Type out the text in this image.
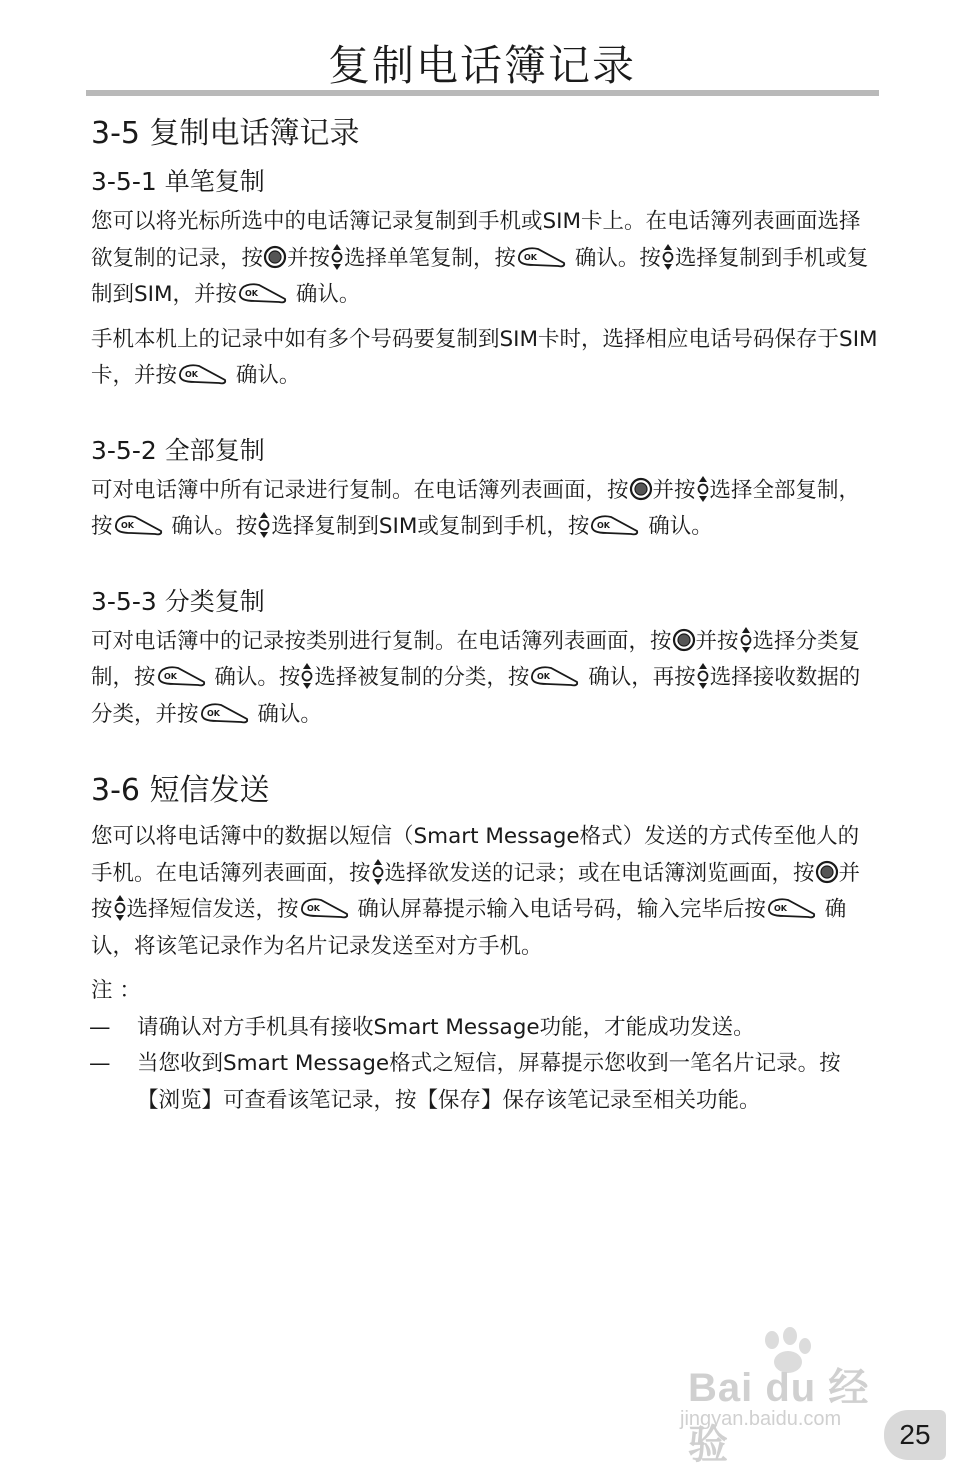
复制电话簿记录
3-5 复制电话簿记录
3-5-1 单笔复制

您可以将光标所选中的电话簿记录复制到手机或SIM卡上。在电话簿列表画面选择欲复制的记录，按 并按 选择单笔复制，按 OK 确认。按 选择复制到手机或复制到SIM，并按 OK 确认。

手机本机上的记录中如有多个号码要复制到SIM卡时，选择相应电话号码保存于SIM卡，并按 OK 确认。

3-5-2 全部复制

可对电话簿中所有记录进行复制。在电话簿列表画面，按 并按 选择全部复制，按 OK 确认。按 选择复制到SIM或复制到手机，按 OK 确认。

3-5-3 分类复制

可对电话簿中的记录按类别进行复制。在电话簿列表画面，按 并按 选择分类复制，按 OK 确认。按 选择被复制的分类，按 OK 确认，再按 选择接收数据的分类，并按 OK 确认。

3-6 短信发送

您可以将电话簿中的数据以短信（Smart Message格式）发送的方式传至他人的手机。在电话簿列表画面，按 选择欲发送的记录；或在电话簿浏览画面，按 并按 选择短信发送，按 OK 确认屏幕提示输入电话号码，输入完毕后按 OK 确认，将该笔记录作为名片记录发送至对方手机。

注 ：
— 请确认对方手机具有接收Smart Message功能，才能成功发送。
— 当您收到Smart Message格式之短信，屏幕提示您收到一笔名片记录。按【浏览】可查看该笔记录，按【保存】保存该笔记录至相关功能。
Bai du 经验
jingyan.baidu.com	25
